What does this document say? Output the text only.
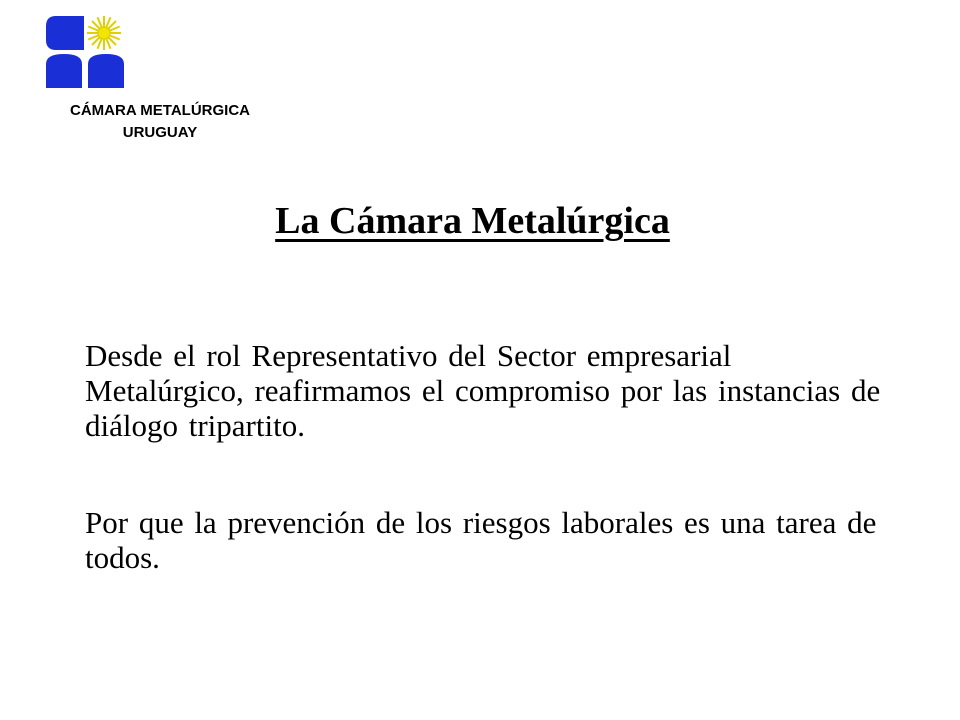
CÁMARA METALÚRGICA
URUGUAY
La Cámara Metalúrgica

Desde el rol Representativo del Sector empresarial Metalúrgico, reafirmamos el compromiso por las instancias de diálogo tripartito.

Por que la prevención de los riesgos laborales es una tarea de todos.
